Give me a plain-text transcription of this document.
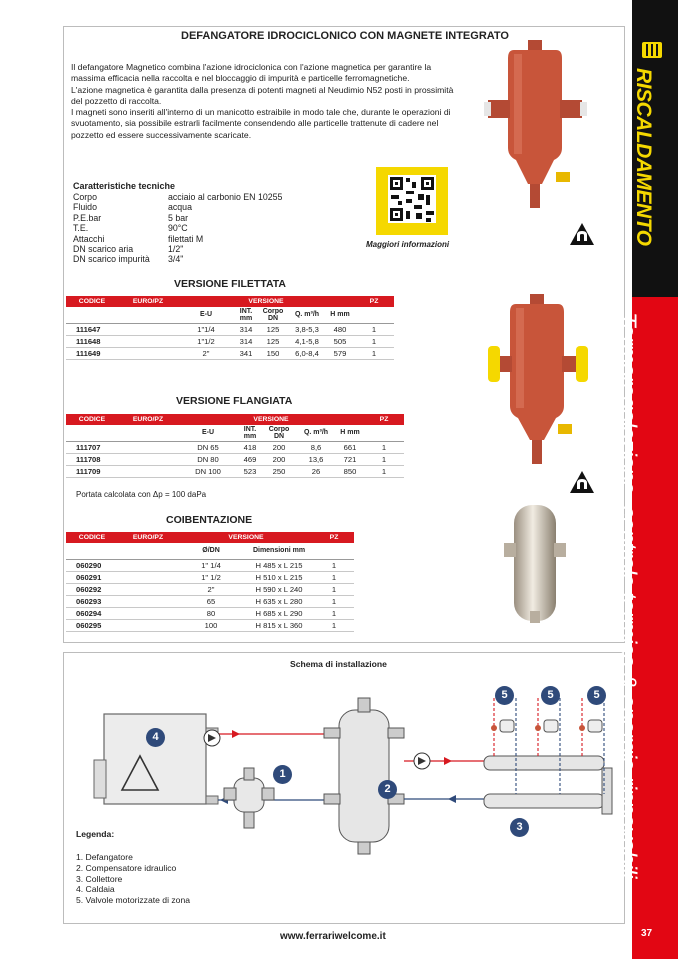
DEFANGATORE IDROCICLONICO CON MAGNETE INTEGRATO

Il defangatore Magnetico combina l'azione idrociclonica con l'azione magnetica per garantire la massima efficacia nella raccolta e nel bloccaggio di impurità e particelle ferromagnetiche.

L'azione magnetica è garantita dalla presenza di potenti magneti al Neudimio N52 posti in prossimità del pozzetto di raccolta.

I magneti sono inseriti all'interno di un manicotto estraibile in modo tale che, durante le operazioni di svuotamento, sia possibile estrarli facilmente consendendo alle particelle trattenute di cadere nel pozzetto ed essere successivamente scaricate.

Caratteristiche tecniche
Corpo	acciaio al carbonio EN 10255
Fluido	acqua
P.E.bar	5 bar
T.E.	90°C
Attacchi	filettati M
DN scarico aria	1/2"
DN scarico impurità	3/4"
Maggiori informazioni
VERSIONE FILETTATA
CODICE	EURO/PZ	VERSIONE					PZ
		E-U	INT. mm	Corpo DN	Q. m³/h	H mm	
111647		1"1/4	314	125	3,8-5,3	480	1
111648		1"1/2	314	125	4,1-5,8	505	1
111649		2"	341	150	6,0-8,4	579	1
VERSIONE FLANGIATA
CODICE	EURO/PZ	VERSIONE					PZ
		E-U	INT. mm	Corpo DN	Q. m³/h	H mm	
111707		DN 65	418	200	8,6	661	1
111708		DN 80	469	200	13,6	721	1
111709		DN 100	523	250	26	850	1
Portata calcolata con Δp = 100 daPa
COIBENTAZIONE
CODICE	EURO/PZ	VERSIONE		PZ
		Ø/DN	Dimensioni mm	
060290		1" 1/4	H 485 x L 215	1
060291		1" 1/2	H 510 x L 215	1
060292		2"	H 590 x L 240	1
060293		65	H 635 x L 280	1
060294		80	H 685 x L 290	1
060295		100	H 815 x L 360	1
Schema di installazione
4
1
2
3
5	5	5
Legenda:
1. Defangatore
2. Compensatore idraulico
3. Collettore
4. Caldaia
5. Valvole motorizzate di zona
www.ferrariwelcome.it
RISCALDAMENTO
Termoregolazione, centrale termica & energie rinnovabili
37
